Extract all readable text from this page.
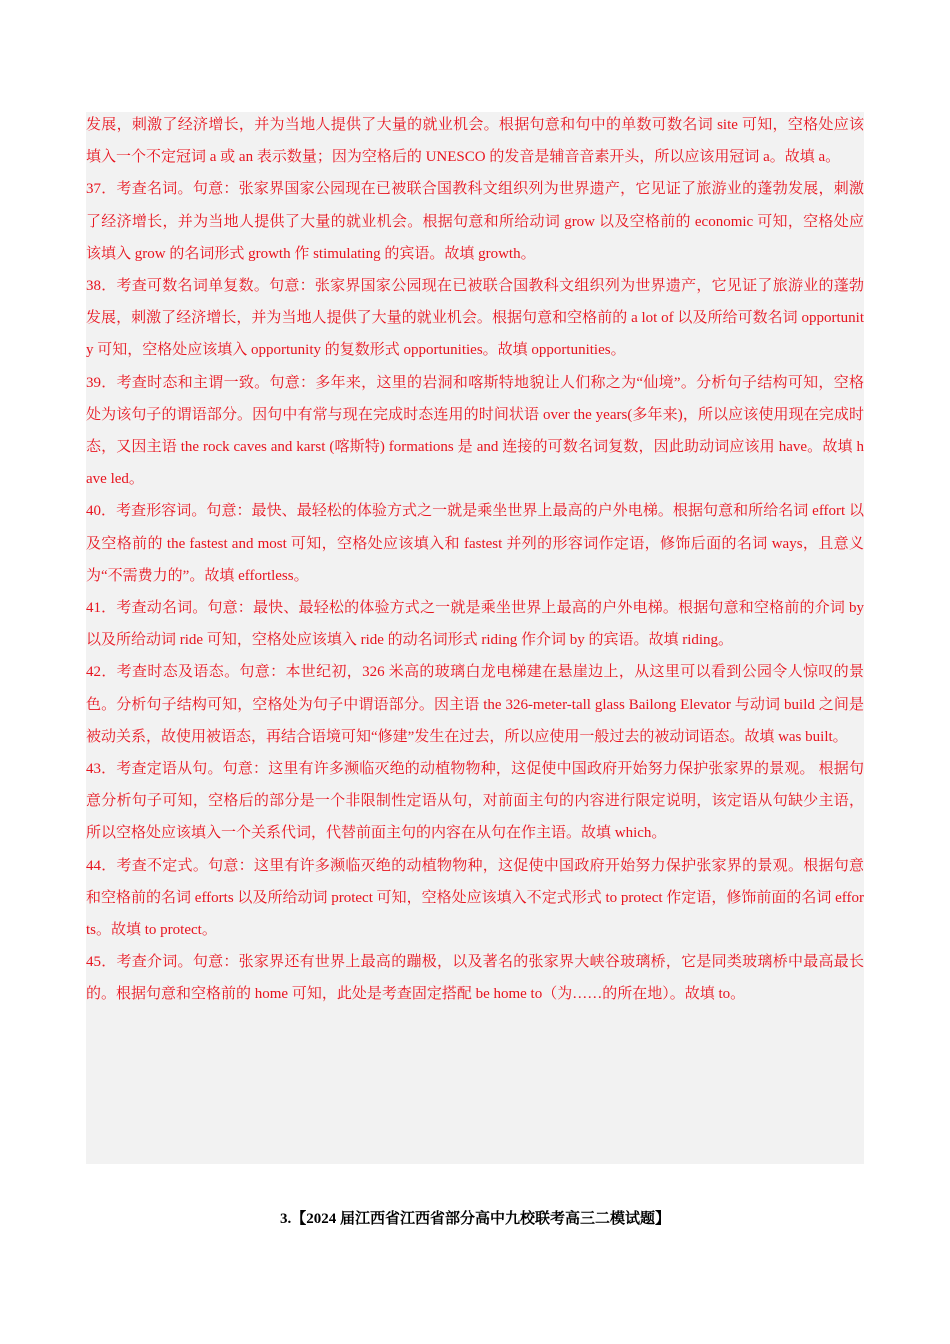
发展，刺激了经济增长，并为当地人提供了大量的就业机会。根据句意和句中的单数可数名词 site 可知，空格处应该填入一个不定冠词 a 或 an 表示数量；因为空格后的 UNESCO 的发音是辅音音素开头，所以应该用冠词 a。故填 a。

37．考查名词。句意：张家界国家公园现在已被联合国教科文组织列为世界遗产，它见证了旅游业的蓬勃发展，刺激了经济增长，并为当地人提供了大量的就业机会。根据句意和所给动词 grow 以及空格前的 economic 可知，空格处应该填入 grow 的名词形式 growth 作 stimulating 的宾语。故填 growth。

38．考查可数名词单复数。句意：张家界国家公园现在已被联合国教科文组织列为世界遗产，它见证了旅游业的蓬勃发展，刺激了经济增长，并为当地人提供了大量的就业机会。根据句意和空格前的 a lot of 以及所给可数名词 opportunity 可知，空格处应该填入 opportunity 的复数形式 opportunities。故填 opportunities。

39．考查时态和主谓一致。句意：多年来，这里的岩洞和喀斯特地貌让人们称之为“仙境”。分析句子结构可知，空格处为该句子的谓语部分。因句中有常与现在完成时态连用的时间状语 over the years(多年来)，所以应该使用现在完成时态，又因主语 the rock caves and karst (喀斯特) formations 是 and 连接的可数名词复数，因此助动词应该用 have。故填 have led。

40．考查形容词。句意：最快、最轻松的体验方式之一就是乘坐世界上最高的户外电梯。根据句意和所给名词 effort 以及空格前的 the fastest and most 可知，空格处应该填入和 fastest 并列的形容词作定语，修饰后面的名词 ways，且意义为“不需费力的”。故填 effortless。

41．考查动名词。句意：最快、最轻松的体验方式之一就是乘坐世界上最高的户外电梯。根据句意和空格前的介词 by 以及所给动词 ride 可知，空格处应该填入 ride 的动名词形式 riding 作介词 by 的宾语。故填 riding。

42．考查时态及语态。句意：本世纪初，326 米高的玻璃白龙电梯建在悬崖边上，从这里可以看到公园令人惊叹的景色。分析句子结构可知，空格处为句子中谓语部分。因主语 the 326-meter-tall glass Bailong Elevator 与动词 build 之间是被动关系，故使用被语态，再结合语境可知“修建”发生在过去，所以应使用一般过去的被动词语态。故填 was built。

43．考查定语从句。句意：这里有许多濒临灭绝的动植物物种，这促使中国政府开始努力保护张家界的景观。 根据句意分析句子可知，空格后的部分是一个非限制性定语从句，对前面主句的内容进行限定说明，该定语从句缺少主语，所以空格处应该填入一个关系代词，代替前面主句的内容在从句在作主语。故填 which。

44．考查不定式。句意：这里有许多濒临灭绝的动植物物种，这促使中国政府开始努力保护张家界的景观。根据句意和空格前的名词 efforts 以及所给动词 protect 可知，空格处应该填入不定式形式 to protect 作定语，修饰前面的名词 efforts。故填 to protect。

45．考查介词。句意：张家界还有世界上最高的蹦极，以及著名的张家界大峡谷玻璃桥，它是同类玻璃桥中最高最长的。根据句意和空格前的 home 可知，此处是考查固定搭配 be home to（为……的所在地）。故填 to。

3.【2024 届江西省江西省部分高中九校联考高三二模试题】
